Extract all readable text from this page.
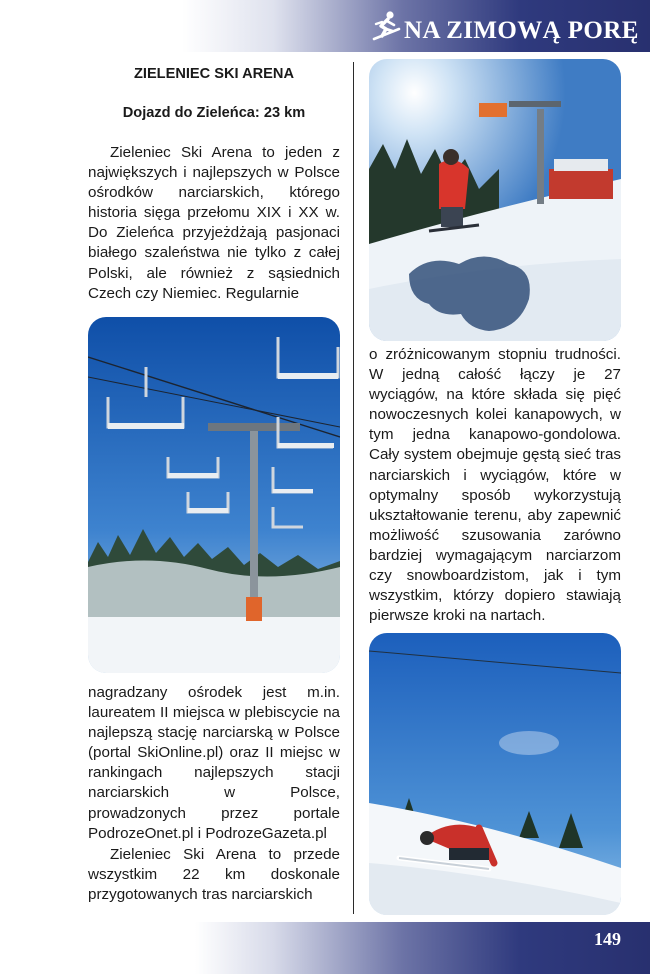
NA ZIMOWĄ PORĘ
ZIELENIEC SKI ARENA
Dojazd do Zieleńca: 23 km
Zieleniec Ski Arena to jeden z największych i najlepszych w Polsce ośrodków narciarskich, którego historia sięga przełomu XIX i XX w. Do Zieleńca przyjeżdżają pasjonaci białego szaleństwa nie tylko z całej Polski, ale również z sąsiednich Czech czy Niemiec. Regularnie
nagradzany ośrodek jest m.in. laureatem II miejsca w plebiscycie na najlepszą stację narciarską w Polsce (portal SkiOnline.pl) oraz II miejsc w rankingach najlepszych stacji narciarskich w Polsce, prowadzonych przez portale PodrozeOnet.pl i PodrozeGazeta.pl
Zieleniec Ski Arena to przede wszystkim 22 km doskonale przygotowanych tras narciarskich
o zróżnicowanym stopniu trudności. W jedną całość łączy je 27 wyciągów, na które składa się pięć nowoczesnych kolei kanapowych, w tym jedna kanapowo-gondolowa. Cały system obejmuje gęstą sieć tras narciarskich i wyciągów, które w optymalny sposób wykorzystują ukształtowanie terenu, aby zapewnić możliwość szusowania zarówno bardziej wymagającym narciarzom czy snowboardzistom, jak i tym wszystkim, którzy dopiero stawiają pierwsze kroki na nartach.
149
